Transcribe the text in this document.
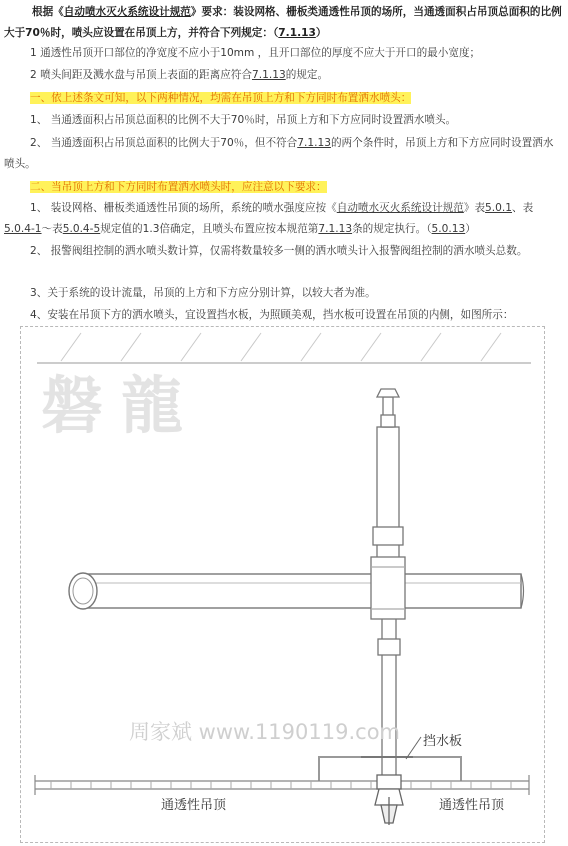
根据《自动喷水灭火系统设计规范》要求：装设网格、栅板类通透性吊顶的场所，当通透面积占吊顶总面积的比例大于70％时，喷头应设置在吊顶上方，并符合下列规定：（7.1.13）

1 通透性吊顶开口部位的净宽度不应小于10mm ，且开口部位的厚度不应大于开口的最小宽度；

2 喷头间距及溅水盘与吊顶上表面的距离应符合7.1.13的规定。

一、依上述条文可知，以下两种情况，均需在吊顶上方和下方同时布置洒水喷头：

1、 当通透面积占吊顶总面积的比例不大于70％时，吊顶上方和下方应同时设置洒水喷头。

2、 当通透面积占吊顶总面积的比例大于70％，但不符合7.1.13的两个条件时，吊顶上方和下方应同时设置洒水喷头。

二、当吊顶上方和下方同时布置洒水喷头时，应注意以下要求：

1、 装设网格、栅板类通透性吊顶的场所，系统的喷水强度应按《自动喷水灭火系统设计规范》表5.0.1、表5.0.4-1～表5.0.4-5规定值的1.3倍确定，且喷头布置应按本规范第7.1.13条的规定执行。（5.0.13）

2、 报警阀组控制的洒水喷头数计算，仅需将数量较多一侧的洒水喷头计入报警阀组控制的洒水喷头总数。

3、关于系统的设计流量，吊顶的上方和下方应分别计算，以较大者为准。

4、安装在吊顶下方的洒水喷头，宜设置挡水板，为照顾美观，挡水板可设置在吊顶的内侧，如图所示：

磐龍
挡水板
周家斌 www.1190119.com
通透性吊顶	通透性吊顶
